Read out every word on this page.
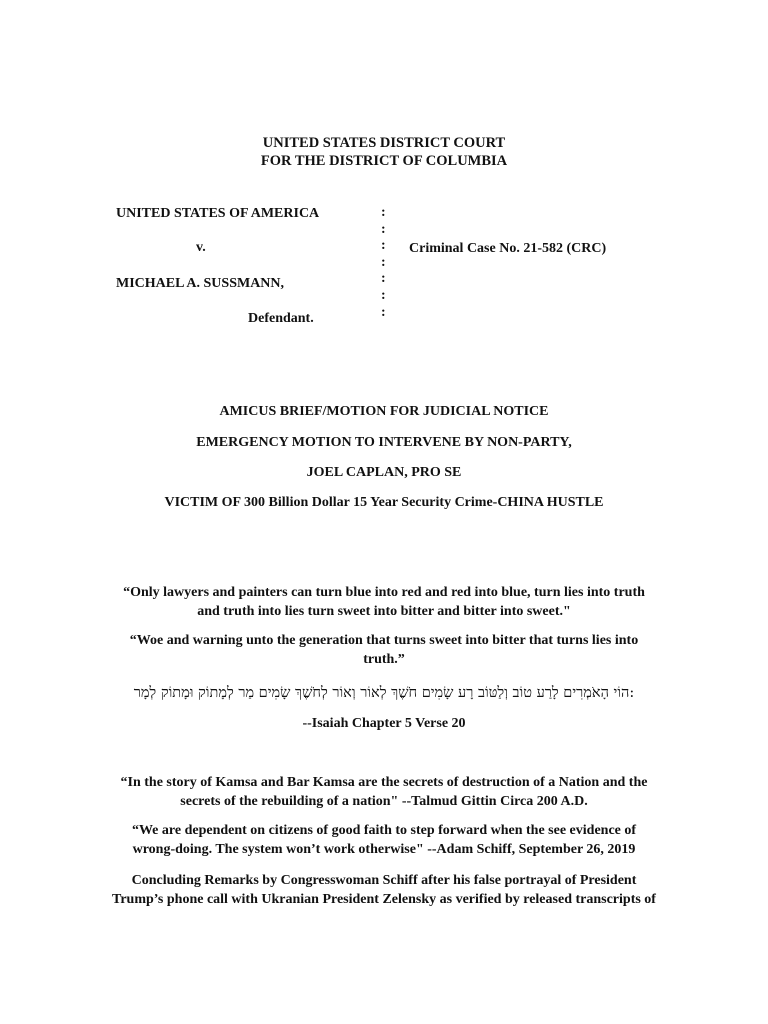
UNITED STATES DISTRICT COURT
FOR THE DISTRICT OF COLUMBIA
UNITED STATES OF AMERICA
v.
MICHAEL A. SUSSMANN,
Defendant.
Criminal Case No. 21-582 (CRC)
:
:
:
:
:
:
:
AMICUS BRIEF/MOTION FOR JUDICIAL NOTICE
EMERGENCY MOTION TO INTERVENE BY NON-PARTY,
JOEL CAPLAN, PRO SE
VICTIM OF 300 Billion Dollar 15 Year Security Crime-CHINA HUSTLE
“Only lawyers and painters can turn blue into red and red into blue, turn lies into truth
and truth into lies turn sweet into bitter and bitter into sweet."
“Woe and warning unto the generation that turns sweet into bitter that turns lies into
truth.”
הוֹי הָאֹמְרִים לָרַע טוֹב וְלַטּוֹב רָע שָׂמִים חֹשֶׁךְ לְאוֹר וְאוֹר לְחֹשֶׁךְ שָׂמִים מַר לְמָתוֹק וּמָתוֹק לְמָר:
--Isaiah Chapter 5 Verse 20
“In the story of Kamsa and Bar Kamsa are the secrets of destruction of a Nation and the
secrets of the rebuilding of a nation" --Talmud Gittin Circa 200 A.D.
“We are dependent on citizens of good faith to step forward when the see evidence of
wrong-doing. The system won’t work otherwise" --Adam Schiff, September 26, 2019
Concluding Remarks by Congresswoman Schiff after his false portrayal of President
Trump’s phone call with Ukranian President Zelensky as verified by released transcripts of
